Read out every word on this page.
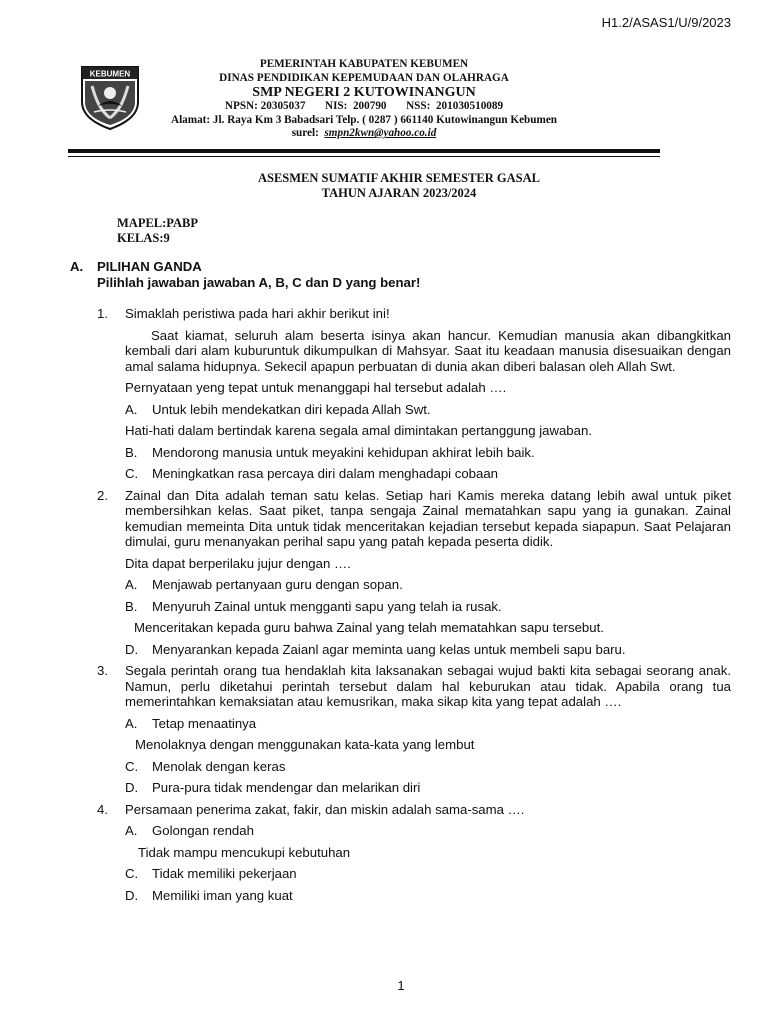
H1.2/ASAS1/U/9/2023
KEBUMEN
PEMERINTAH KABUPATEN KEBUMEN
DINAS PENDIDIKAN KEPEMUDAAN DAN OLAHRAGA
SMP NEGERI 2 KUTOWINANGUN
NPSN: 20305037       NIS:  200790       NSS:  201030510089
Alamat: Jl. Raya Km 3 Babadsari Telp. ( 0287 ) 661140 Kutowinangun Kebumen
surel: smpn2kwn@yahoo.co.id
ASESMEN SUMATIF AKHIR SEMESTER GASAL
TAHUN AJARAN 2023/2024
MAPEL:PABP
KELAS:9
A. PILIHAN GANDA
Pilihlah jawaban jawaban A, B, C dan D yang benar!
1. Simaklah peristiwa pada hari akhir berikut ini!

Saat kiamat, seluruh alam beserta isinya akan hancur. Kemudian manusia akan dibangkitkan kembali dari alam kuburuntuk dikumpulkan di Mahsyar. Saat itu keadaan manusia disesuaikan dengan amal salama hidupnya. Sekecil apapun perbuatan di dunia akan diberi balasan oleh Allah Swt.

Pernyataan yeng tepat untuk menanggapi hal tersebut adalah ….

A. Untuk lebih mendekatkan diri kepada Allah Swt.
Hati-hati dalam bertindak karena segala amal dimintakan pertanggung jawaban.
B. Mendorong manusia untuk meyakini kehidupan akhirat lebih baik.
C. Meningkatkan rasa percaya diri dalam menghadapi cobaan
2. Zainal dan Dita adalah teman satu kelas. Setiap hari Kamis mereka datang lebih awal untuk piket membersihkan kelas. Saat piket, tanpa sengaja Zainal mematahkan sapu yang ia gunakan. Zainal kemudian memeinta Dita untuk tidak menceritakan kejadian tersebut kepada siapapun. Saat Pelajaran dimulai, guru menanyakan perihal sapu yang patah kepada peserta didik.

Dita dapat berperilaku jujur dengan ….

A. Menjawab pertanyaan guru dengan sopan.
B. Menyuruh Zainal untuk mengganti sapu yang telah ia rusak.
Menceritakan kepada guru bahwa Zainal yang telah mematahkan sapu tersebut.
D. Menyarankan kepada Zaianl agar meminta uang kelas untuk membeli sapu baru.
3. Segala perintah orang tua hendaklah kita laksanakan sebagai wujud bakti kita sebagai seorang anak. Namun, perlu diketahui perintah tersebut dalam hal keburukan atau tidak. Apabila orang tua memerintahkan kemaksiatan atau kemusrikan, maka sikap kita yang tepat adalah ….

A. Tetap menaatinya
Menolaknya dengan menggunakan kata-kata yang lembut
C. Menolak dengan keras
D. Pura-pura tidak mendengar dan melarikan diri
4. Persamaan penerima zakat, fakir, dan miskin adalah sama-sama ….

A. Golongan rendah
Tidak mampu mencukupi kebutuhan
C. Tidak memiliki pekerjaan
D. Memiliki iman yang kuat
1
